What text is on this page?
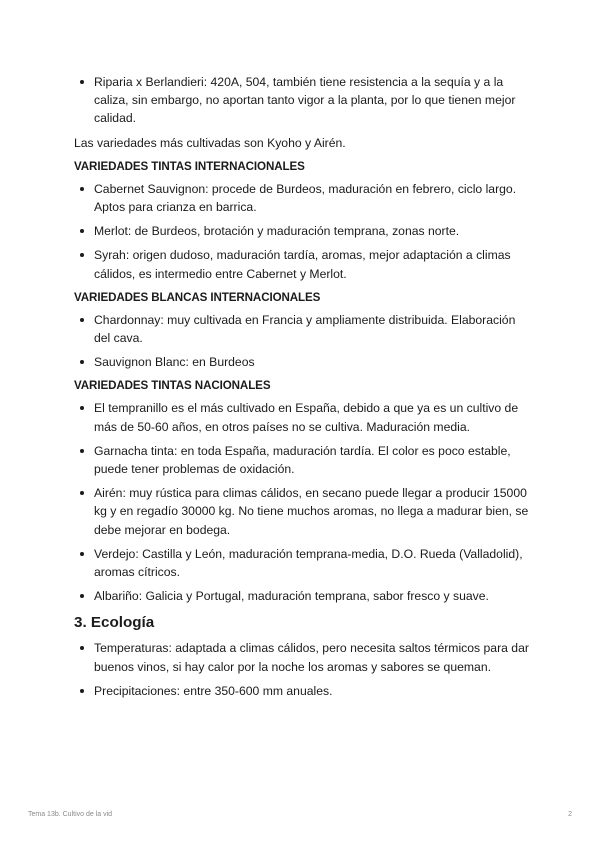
Riparia x Berlandieri: 420A, 504, también tiene resistencia a la sequía y a la caliza, sin embargo, no aportan tanto vigor a la planta, por lo que tienen mejor calidad.

Las variedades más cultivadas son Kyoho y Airén.

VARIEDADES TINTAS INTERNACIONALES
Cabernet Sauvignon: procede de Burdeos, maduración en febrero, ciclo largo. Aptos para crianza en barrica.
Merlot: de Burdeos, brotación y maduración temprana, zonas norte.
Syrah: origen dudoso, maduración tardía, aromas, mejor adaptación a climas cálidos, es intermedio entre Cabernet y Merlot.
VARIEDADES BLANCAS INTERNACIONALES
Chardonnay: muy cultivada en Francia y ampliamente distribuida. Elaboración del cava.
Sauvignon Blanc: en Burdeos
VARIEDADES TINTAS NACIONALES
El tempranillo es el más cultivado en España, debido a que ya es un cultivo de más de 50-60 años, en otros países no se cultiva. Maduración media.
Garnacha tinta: en toda España, maduración tardía. El color es poco estable, puede tener problemas de oxidación.
Airén: muy rústica para climas cálidos, en secano puede llegar a producir 15000 kg y en regadío 30000 kg. No tiene muchos aromas, no llega a madurar bien, se debe mejorar en bodega.
Verdejo: Castilla y León, maduración temprana-media, D.O. Rueda (Valladolid), aromas cítricos.
Albariño: Galicia y Portugal, maduración temprana, sabor fresco y suave.
3. Ecología
Temperaturas: adaptada a climas cálidos, pero necesita saltos térmicos para dar buenos vinos, si hay calor por la noche los aromas y sabores se queman.
Precipitaciones: entre 350-600 mm anuales.
Tema 13b. Cultivo de la vid	2
